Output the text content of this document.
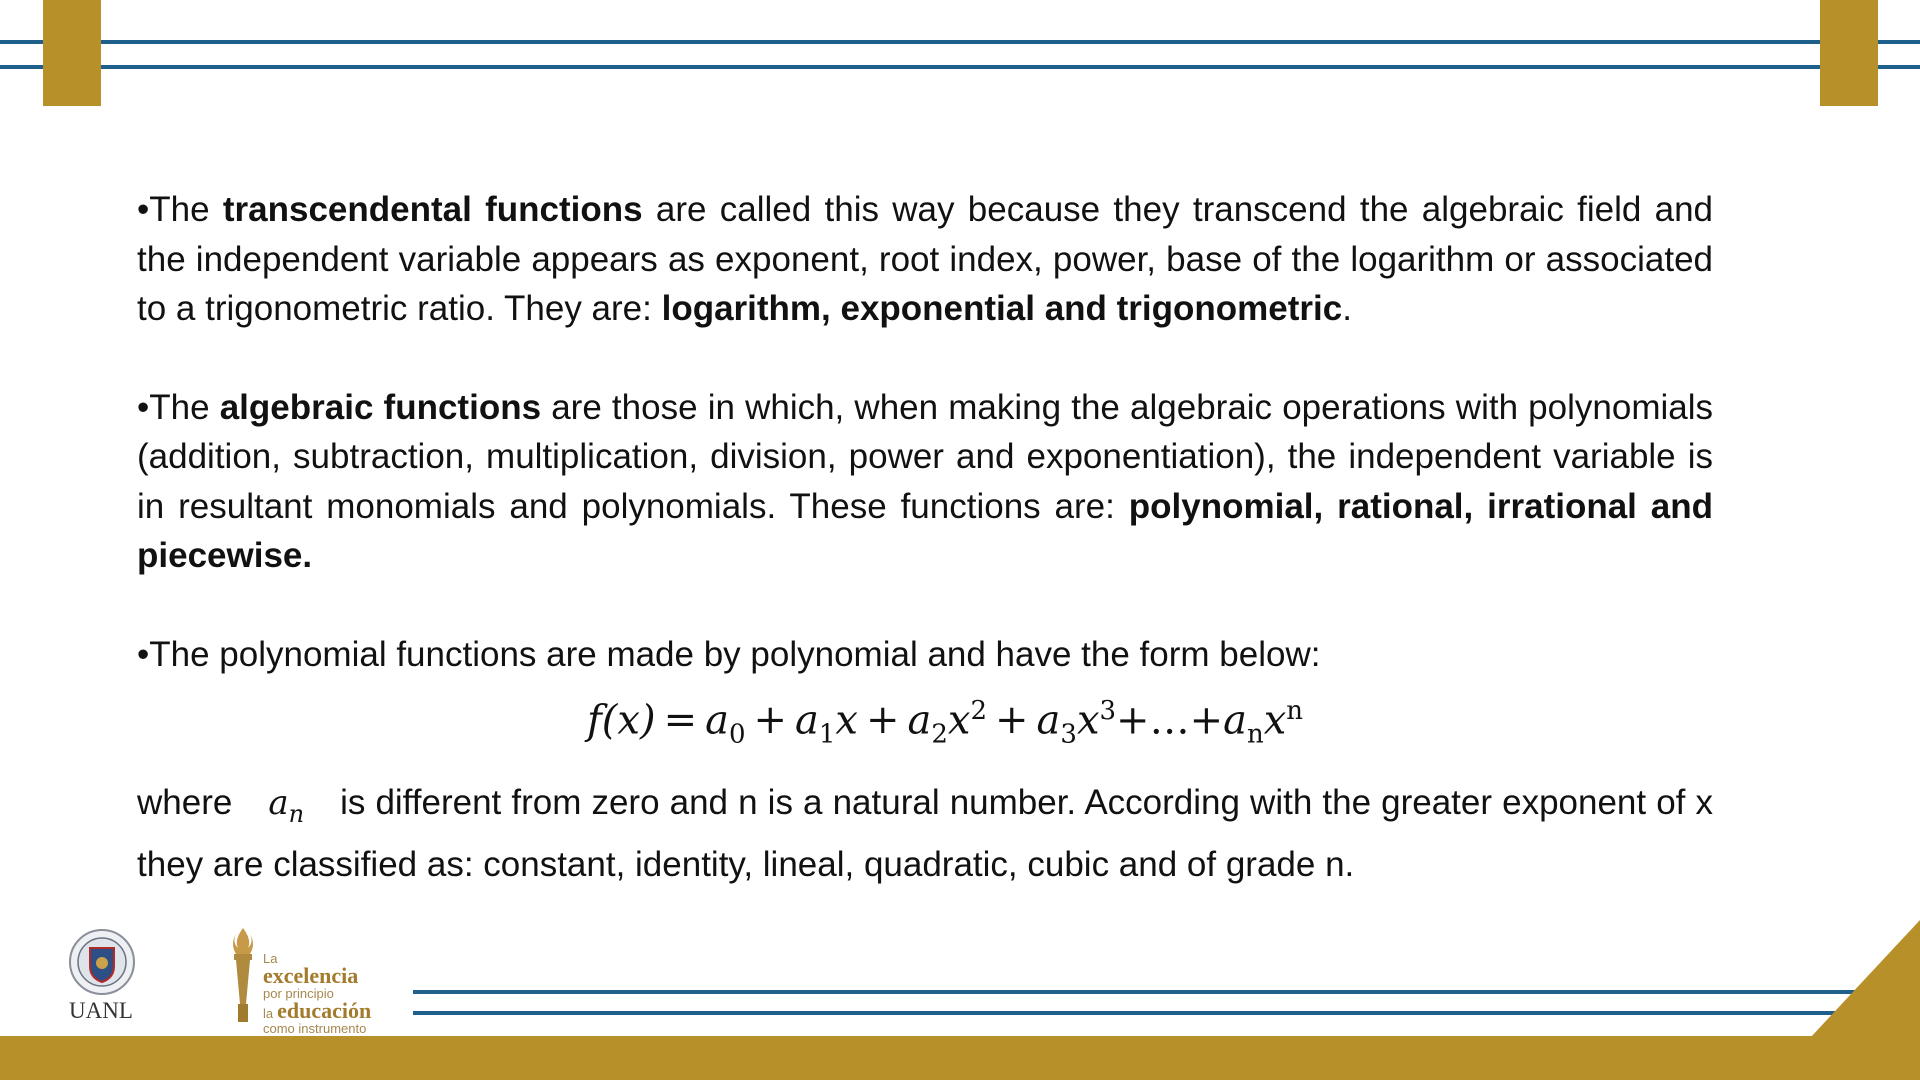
•The transcendental functions are called this way because they transcend the algebraic field and the independent variable appears as exponent, root index, power, base of the logarithm or associated to a trigonometric ratio. They are: logarithm, exponential and trigonometric.

•The algebraic functions are those in which, when making the algebraic operations with polynomials (addition, subtraction, multiplication, division, power and exponentiation), the independent variable is in resultant monomials and polynomials. These functions are: polynomial, rational, irrational and piecewise.

•The polynomial functions are made by polynomial and have the form below:

$f(x) = a_0 + a_1x + a_2x^2$ + $a_3x^3+\dots+a_nx^n$

where $a_n$ is different from zero and n is a natural number. According with the greater exponent of x they are classified as: constant, identity, lineal, quadratic, cubic and of grade n.

UANL
La
excelencia
por principio
la educación
como instrumento
